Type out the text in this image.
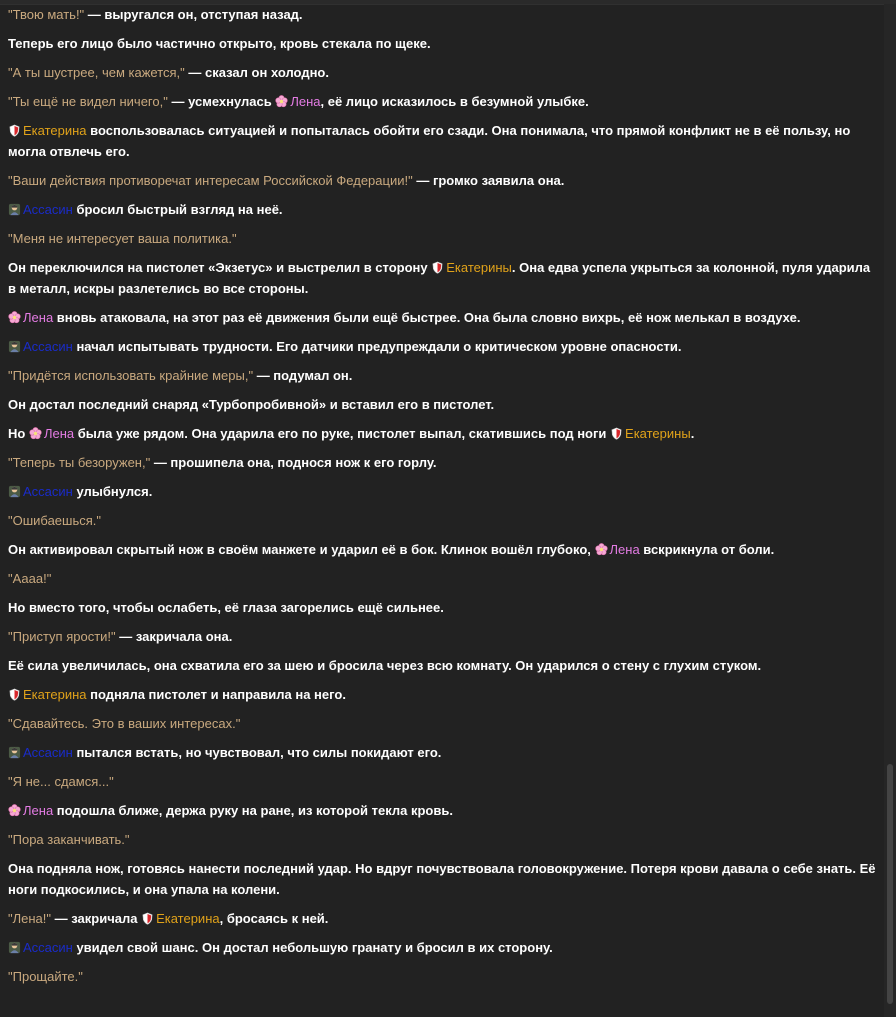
"Твою мать!" — выругался он, отступая назад.

Теперь его лицо было частично открыто, кровь стекала по щеке.

"А ты шустрее, чем кажется," — сказал он холодно.

"Ты ещё не видел ничего," — усмехнулась Лена, её лицо исказилось в безумной улыбке.

Екатерина воспользовалась ситуацией и попыталась обойти его сзади. Она понимала, что прямой конфликт не в её пользу, но могла отвлечь его.

"Ваши действия противоречат интересам Российской Федерации!" — громко заявила она.

Ассасин бросил быстрый взгляд на неё.

"Меня не интересует ваша политика."

Он переключился на пистолет «Экзетус» и выстрелил в сторону Екатерины. Она едва успела укрыться за колонной, пуля ударила в металл, искры разлетелись во все стороны.

Лена вновь атаковала, на этот раз её движения были ещё быстрее. Она была словно вихрь, её нож мелькал в воздухе.

Ассасин начал испытывать трудности. Его датчики предупреждали о критическом уровне опасности.

"Придётся использовать крайние меры," — подумал он.

Он достал последний снаряд «Турбопробивной» и вставил его в пистолет.

Но Лена была уже рядом. Она ударила его по руке, пистолет выпал, скатившись под ноги Екатерины.

"Теперь ты безоружен," — прошипела она, поднося нож к его горлу.

Ассасин улыбнулся.

"Ошибаешься."

Он активировал скрытый нож в своём манжете и ударил её в бок. Клинок вошёл глубоко, Лена вскрикнула от боли.

"Аааа!"

Но вместо того, чтобы ослабеть, её глаза загорелись ещё сильнее.

"Приступ ярости!" — закричала она.

Её сила увеличилась, она схватила его за шею и бросила через всю комнату. Он ударился о стену с глухим стуком.

Екатерина подняла пистолет и направила на него.

"Сдавайтесь. Это в ваших интересах."

Ассасин пытался встать, но чувствовал, что силы покидают его.

"Я не... сдамся..."

Лена подошла ближе, держа руку на ране, из которой текла кровь.

"Пора заканчивать."

Она подняла нож, готовясь нанести последний удар. Но вдруг почувствовала головокружение. Потеря крови давала о себе знать. Её ноги подкосились, и она упала на колени.

"Лена!" — закричала Екатерина, бросаясь к ней.

Ассасин увидел свой шанс. Он достал небольшую гранату и бросил в их сторону.

"Прощайте."
